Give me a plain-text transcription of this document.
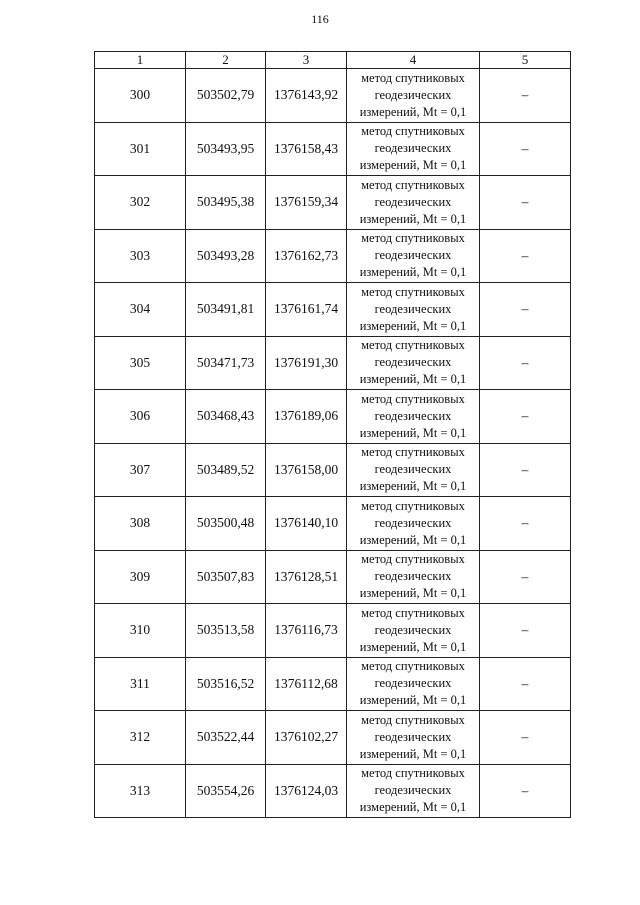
116
1	2	3	4	5
300	503502,79	1376143,92	метод спутниковых
геодезических
измерений, Mt = 0,1	–
301	503493,95	1376158,43	метод спутниковых
геодезических
измерений, Mt = 0,1	–
302	503495,38	1376159,34	метод спутниковых
геодезических
измерений, Mt = 0,1	–
303	503493,28	1376162,73	метод спутниковых
геодезических
измерений, Mt = 0,1	–
304	503491,81	1376161,74	метод спутниковых
геодезических
измерений, Mt = 0,1	–
305	503471,73	1376191,30	метод спутниковых
геодезических
измерений, Mt = 0,1	–
306	503468,43	1376189,06	метод спутниковых
геодезических
измерений, Mt = 0,1	–
307	503489,52	1376158,00	метод спутниковых
геодезических
измерений, Mt = 0,1	–
308	503500,48	1376140,10	метод спутниковых
геодезических
измерений, Mt = 0,1	–
309	503507,83	1376128,51	метод спутниковых
геодезических
измерений, Mt = 0,1	–
310	503513,58	1376116,73	метод спутниковых
геодезических
измерений, Mt = 0,1	–
311	503516,52	1376112,68	метод спутниковых
геодезических
измерений, Mt = 0,1	–
312	503522,44	1376102,27	метод спутниковых
геодезических
измерений, Mt = 0,1	–
313	503554,26	1376124,03	метод спутниковых
геодезических
измерений, Mt = 0,1	–
